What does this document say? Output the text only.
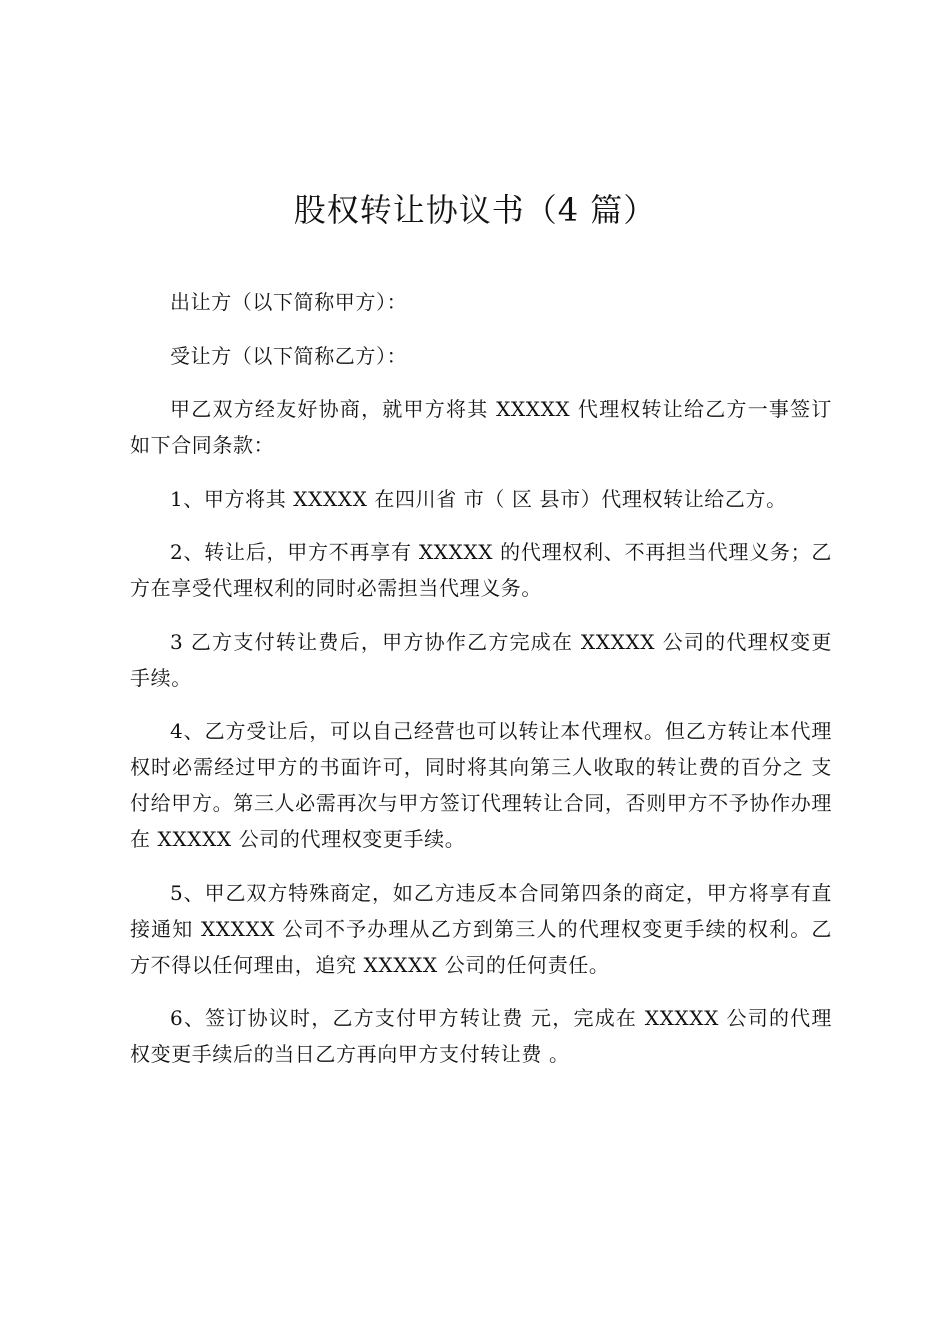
股权转让协议书（4 篇）

出让方（以下简称甲方）：

受让方（以下简称乙方）：

甲乙双方经友好协商，就甲方将其 XXXXX 代理权转让给乙方一事签订如下合同条款：

1、甲方将其 XXXXX 在四川省 市（ 区 县市）代理权转让给乙方。

2、转让后，甲方不再享有 XXXXX 的代理权利、不再担当代理义务；乙方在享受代理权利的同时必需担当代理义务。

3 乙方支付转让费后，甲方协作乙方完成在 XXXXX 公司的代理权变更手续。

4、乙方受让后，可以自己经营也可以转让本代理权。但乙方转让本代理权时必需经过甲方的书面许可，同时将其向第三人收取的转让费的百分之 支付给甲方。第三人必需再次与甲方签订代理转让合同，否则甲方不予协作办理在 XXXXX 公司的代理权变更手续。

5、甲乙双方特殊商定，如乙方违反本合同第四条的商定，甲方将享有直接通知 XXXXX 公司不予办理从乙方到第三人的代理权变更手续的权利。乙方不得以任何理由，追究 XXXXX 公司的任何责任。

6、签订协议时，乙方支付甲方转让费 元，完成在 XXXXX 公司的代理权变更手续后的当日乙方再向甲方支付转让费 。
